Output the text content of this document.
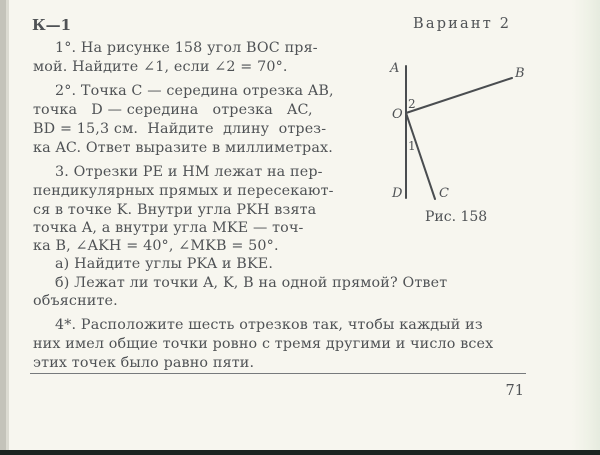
К—1	Вариант 2
1°. На рисунке 158 угол BOC пря-
мой. Найдите ∠1, если ∠2 = 70°.
2°. Точка C — середина отрезка AB,
точка   D — середина   отрезка   AC,
BD = 15,3 см.  Найдите  длину  отрез-
ка AC. Ответ выразите в миллиметрах.
3. Отрезки PE и HM лежат на пер-
пендикулярных прямых и пересекают-
ся в точке K. Внутри угла PKH взята
точка A, а внутри угла MKE — точ-
ка B, ∠AKH = 40°, ∠MKB = 50°.
а) Найдите углы PKA и BKE.
б) Лежат ли точки A, K, B на одной прямой? Ответ
объясните.
4*. Расположите шесть отрезков так, чтобы каждый из
них имел общие точки ровно с тремя другими и число всех
этих точек было равно пяти.
A	B
O
2
1
D	C
Рис. 158
71
